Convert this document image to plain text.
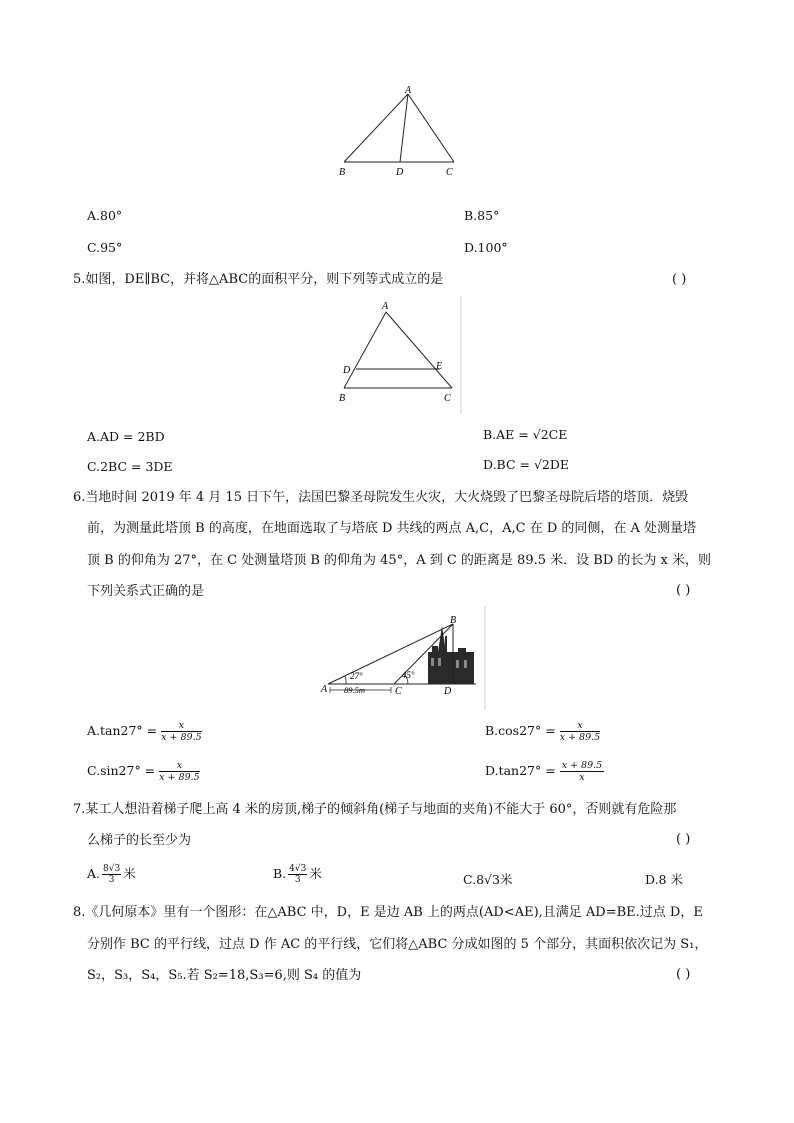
A
B	D	C
A.80°	B.85°
C.95°	D.100°
5.如图，DE∥BC，并将△ABC的面积平分，则下列等式成立的是	( )
A
D	E
B	C
A.AD = 2BD	B.AE = √2CE
C.2BC = 3DE	D.BC = √2DE
6.当地时间 2019 年 4 月 15 日下午，法国巴黎圣母院发生火灾，大火烧毁了巴黎圣母院后塔的塔顶．烧毁
前，为测量此塔顶 B 的高度，在地面选取了与塔底 D 共线的两点 A,C，A,C 在 D 的同侧，在 A 处测量塔
顶 B 的仰角为 27°，在 C 处测量塔顶 B 的仰角为 45°，A 到 C 的距离是 89.5 米．设 BD 的长为 x 米，则
下列关系式正确的是	( )
B
27°	45°
A	C	D
89.5m
$A.\tan 27^\circ = \frac{x}{x + 89.5}$	$B.\cos 27^\circ = \frac{x}{x + 89.5}$
$C.\sin 27^\circ = \frac{x}{x + 89.5}$	$D.\tan 27^\circ = \frac{x + 89.5}{x}$
7.某工人想沿着梯子爬上高 4 米的房顶,梯子的倾斜角(梯子与地面的夹角)不能大于 60°，否则就有危险那
么梯子的长至少为	( )
A. $\frac{8√3}{3}$ 米	B. $\frac{4√3}{3}$ 米	C.8√3米	D.8 米
8.《几何原本》里有一个图形：在△ABC 中，D，E 是边 AB 上的两点(AD<AE),且满足 AD=BE.过点 D，E
分别作 BC 的平行线，过点 D 作 AC 的平行线，它们将△ABC 分成如图的 5 个部分，其面积依次记为 S₁，
S₂，S₃，S₄，S₅.若 S₂=18,S₃=6,则 S₄ 的值为	( )
